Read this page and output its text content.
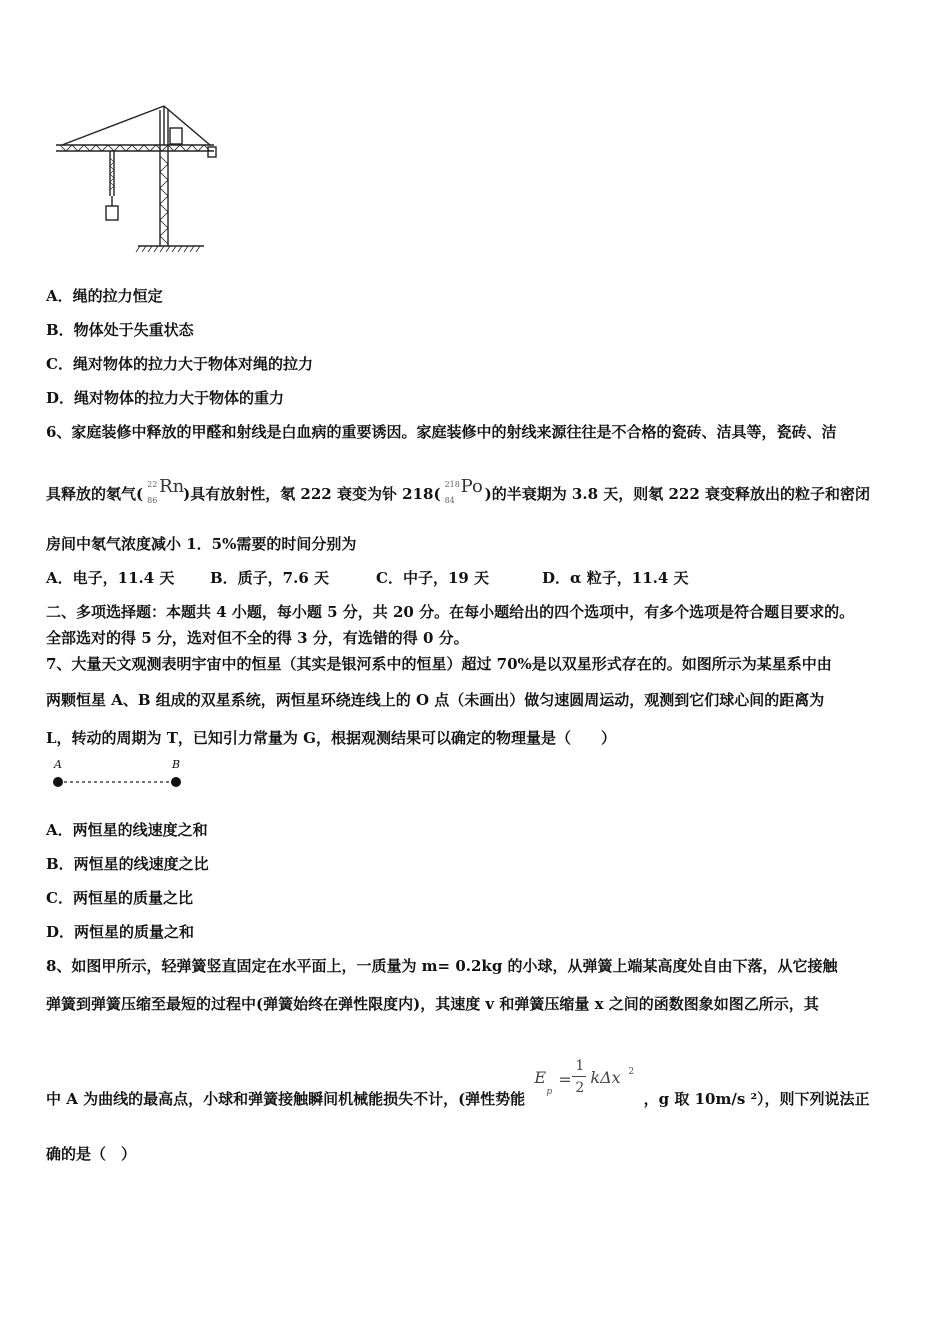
A．绳的拉力恒定
B．物体处于失重状态
C．绳对物体的拉力大于物体对绳的拉力
D．绳对物体的拉力大于物体的重力
6、家庭装修中释放的甲醛和射线是白血病的重要诱因。家庭装修中的射线来源往往是不合格的瓷砖、洁具等，瓷砖、洁
具释放的氡气(
22
86
Rn
)具有放射性，氡 222 衰变为钋 218(
218
84
Po )的半衰期为 3.8 天，则氡 222 衰变释放出的粒子和密闭
房间中氡气浓度减小 1．5%需要的时间分别为
A．电子，11.4 天 B．质子，7.6 天	C．中子，19 天	D．α 粒子，11.4 天
二、多项选择题：本题共 4 小题，每小题 5 分，共 20 分。在每小题给出的四个选项中，有多个选项是符合题目要求的。
全部选对的得 5 分，选对但不全的得 3 分，有选错的得 0 分。
7、大量天文观测表明宇宙中的恒星（其实是银河系中的恒星）超过 70%是以双星形式存在的。如图所示为某星系中由
两颗恒星 A、B 组成的双星系统，两恒星环绕连线上的 O 点（未画出）做匀速圆周运动，观测到它们球心间的距离为
L，转动的周期为 T，已知引力常量为 G，根据观测结果可以确定的物理量是（　　）
A	B
A．两恒星的线速度之和
B．两恒星的线速度之比
C．两恒星的质量之比
D．两恒星的质量之和
8、如图甲所示，轻弹簧竖直固定在水平面上，一质量为 m= 0.2kg 的小球，从弹簧上端某高度处自由下落，从它接触
弹簧到弹簧压缩至最短的过程中(弹簧始终在弹性限度内)，其速度 v 和弹簧压缩量 x 之间的函数图象如图乙所示，其
中 A 为曲线的最高点，小球和弹簧接触瞬间机械能损失不计，(弹性势能
E
p
=
1
2
kΔx 2
，g 取 10m/s ²），则下列说法正
确的是（　）
